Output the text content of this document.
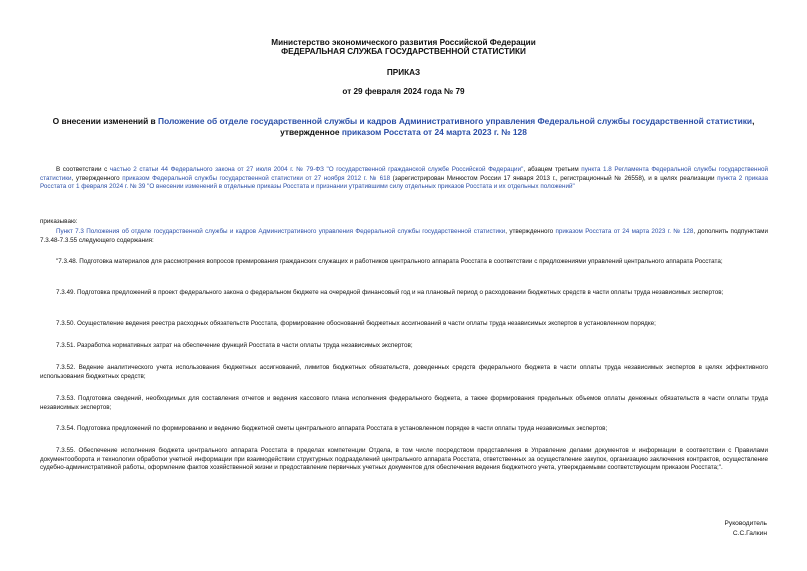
Министерство экономического развития Российской Федерации
ФЕДЕРАЛЬНАЯ СЛУЖБА ГОСУДАРСТВЕННОЙ СТАТИСТИКИ
ПРИКАЗ
от 29 февраля 2024 года № 79
О внесении изменений в Положение об отделе государственной службы и кадров Административного управления Федеральной службы государственной статистики, утвержденное приказом Росстата от 24 марта 2023 г. № 128
В соответствии с частью 2 статьи 44 Федерального закона от 27 июля 2004 г. № 79-ФЗ "О государственной гражданской службе Российской Федерации", абзацем третьим пункта 1.8 Регламента Федеральной службы государственной статистики, утвержденного приказом Федеральной службы государственной статистики от 27 ноября 2012 г. № 618 (зарегистрирован Минюстом России 17 января 2013 г., регистрационный № 26558), и в целях реализации пункта 2 приказа Росстата от 1 февраля 2024 г. № 39 "О внесении изменений в отдельные приказы Росстата и признании утратившими силу отдельных приказов Росстата и их отдельных положений"
приказываю:
Пункт 7.3 Положения об отделе государственной службы и кадров Административного управления Федеральной службы государственной статистики, утвержденного приказом Росстата от 24 марта 2023 г. № 128, дополнить подпунктами 7.3.48-7.3.55 следующего содержания:
"7.3.48. Подготовка материалов для рассмотрения вопросов премирования гражданских служащих и работников центрального аппарата Росстата в соответствии с предложениями управлений центрального аппарата Росстата;
7.3.49. Подготовка предложений в проект федерального закона о федеральном бюджете на очередной финансовый год и на плановый период о расходовании бюджетных средств в части оплаты труда независимых экспертов;
7.3.50. Осуществление ведения реестра расходных обязательств Росстата, формирование обоснований бюджетных ассигнований в части оплаты труда независимых экспертов в установленном порядке;
7.3.51. Разработка нормативных затрат на обеспечение функций Росстата в части оплаты труда независимых экспертов;
7.3.52. Ведение аналитического учета использования бюджетных ассигнований, лимитов бюджетных обязательств, доведенных средств федерального бюджета в части оплаты труда независимых экспертов в целях эффективного использования бюджетных средств;
7.3.53. Подготовка сведений, необходимых для составления отчетов и ведения кассового плана исполнения федерального бюджета, а также формирования предельных объемов оплаты денежных обязательств в части оплаты труда независимых экспертов;
7.3.54. Подготовка предложений по формированию и ведению бюджетной сметы центрального аппарата Росстата в установленном порядке в части оплаты труда независимых экспертов;
7.3.55. Обеспечение исполнения бюджета центрального аппарата Росстата в пределах компетенции Отдела, в том числе посредством представления в Управление делами документов и информации в соответствии с Правилами документооборота и технологии обработки учетной информации при взаимодействии структурных подразделений центрального аппарата Росстата, ответственных за осуществление закупок, организацию заключения контрактов, осуществление судебно-административной работы, оформление фактов хозяйственной жизни и предоставление первичных учетных документов для обеспечения ведения бюджетного учета, утверждаемыми соответствующим приказом Росстата;".
Руководитель
С.С.Галкин
